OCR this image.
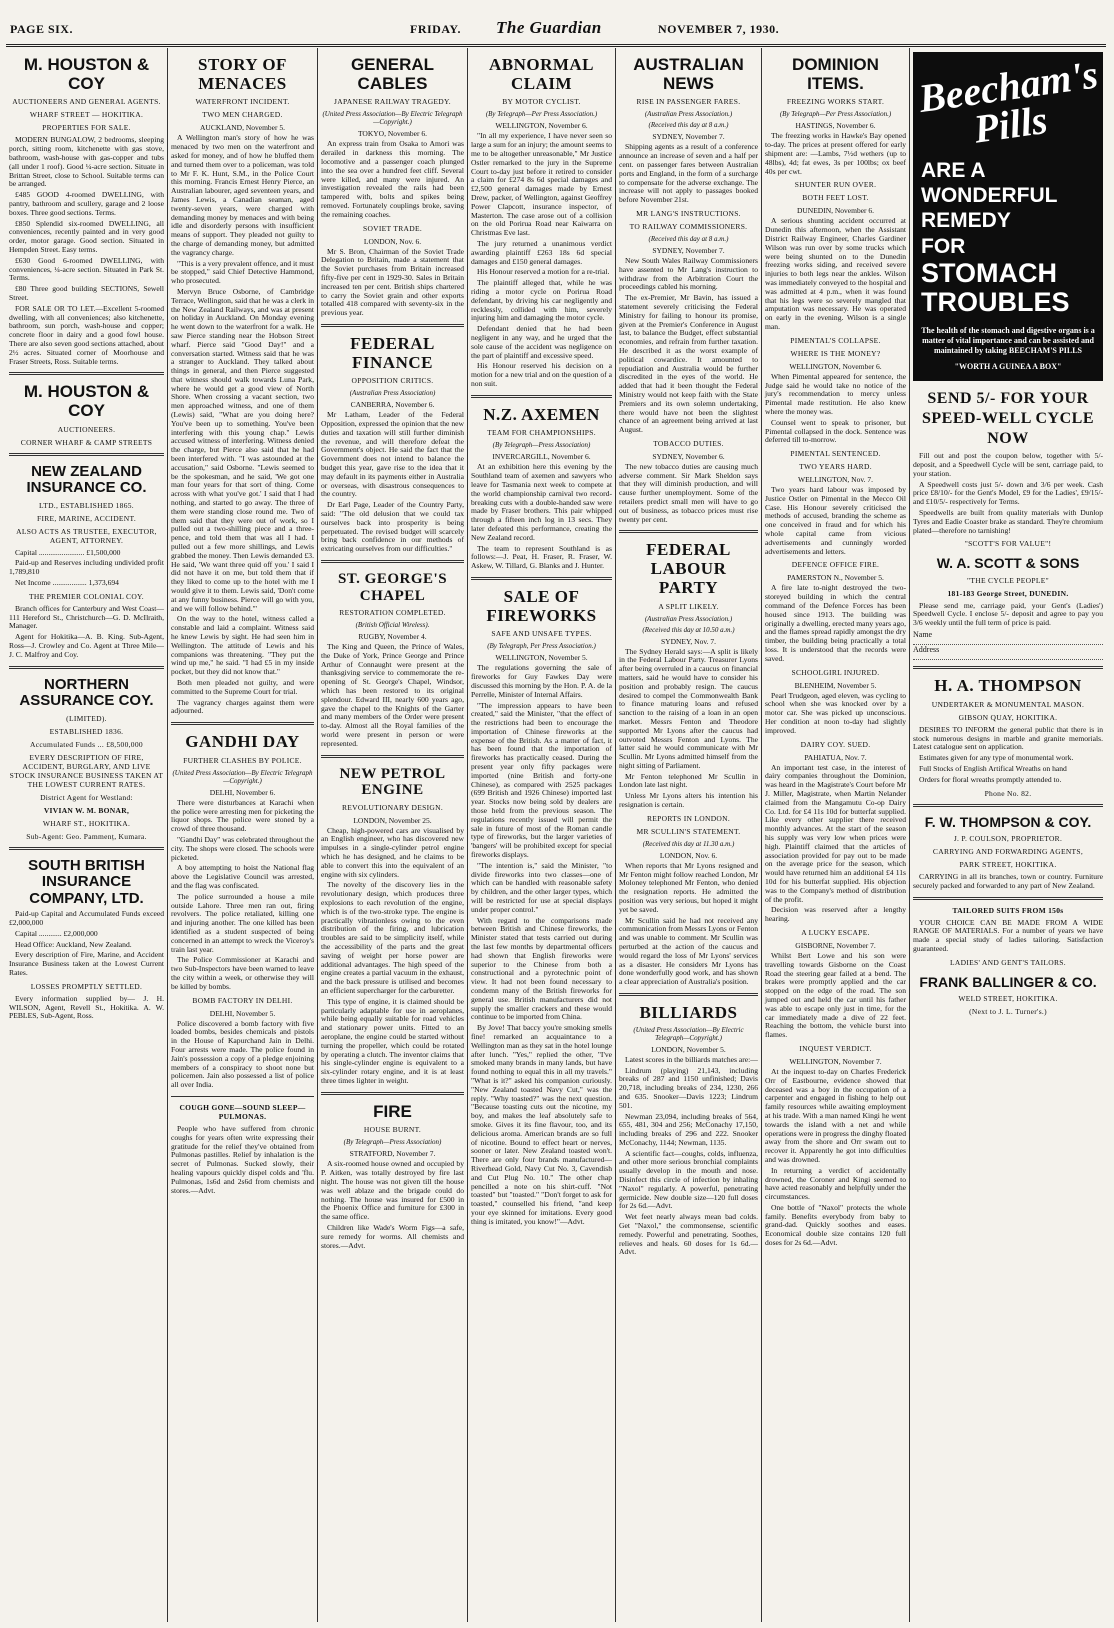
PAGE SIX.	FRIDAY. The Guardian	NOVEMBER 7, 1930.
M. HOUSTON & COY
AUCTIONEERS AND GENERAL AGENTS.
WHARF STREET — HOKITIKA.
PROPERTIES FOR SALE.

MODERN BUNGALOW, 2 bedrooms, sleeping porch, sitting room, kitchenette with gas stove, bathroom, wash-house with gas-copper and tubs (all under 1 roof). Good ¼-acre section. Situate in Brittan Street, close to School. Suitable terms can be arranged.

£485 GOOD 4-roomed DWELLING, with pantry, bathroom and scullery, garage and 2 loose boxes. Three good sections. Terms.

£850 Splendid six-roomed DWELLING, all conveniences, recently painted and in very good order, motor garage. Good section. Situated in Hempden Street. Easy terms.

£630 Good 6-roomed DWELLING, with conveniences, ¼-acre section. Situated in Park St. Terms.

£80 Three good building SECTIONS, Sewell Street.

FOR SALE OR TO LET.—Excellent 5-roomed dwelling, with all conveniences; also kitchenette, bathroom, sun porch, wash-house and copper; concrete floor in dairy and a good fowl house. There are also seven good sections attached, about 2½ acres. Situated corner of Moorhouse and Fraser Streets, Ross. Suitable terms.

M. HOUSTON & COY
AUCTIONEERS.
CORNER WHARF & CAMP STREETS
NEW ZEALAND INSURANCE CO.
LTD., ESTABLISHED 1865.
FIRE, MARINE, ACCIDENT.
ALSO ACTS AS TRUSTEE, EXECUTOR, AGENT, ATTORNEY.

Capital ........................ £1,500,000

Paid-up and Reserves including undivided profit 1,789,810

Net Income .................. 1,373,694

THE PREMIER COLONIAL COY.

Branch offices for Canterbury and West Coast—111 Hereford St., Christchurch—G. D. McIlraith, Manager.

Agent for Hokitika—A. B. King. Sub-Agent, Ross—J. Crowley and Co. Agent at Three Mile—J. C. Malfroy and Coy.

NORTHERN ASSURANCE COY.
(LIMITED).
ESTABLISHED 1836.
Accumulated Funds ... £8,500,000
EVERY DESCRIPTION OF FIRE, ACCIDENT, BURGLARY, AND LIVE STOCK INSURANCE BUSINESS TAKEN AT THE LOWEST CURRENT RATES.
District Agent for Westland:
VIVIAN W. M. BONAR,
WHARF ST., HOKITIKA.
Sub-Agent: Geo. Pammenț, Kumara.
SOUTH BRITISH INSURANCE COMPANY, LTD.

Paid-up Capital and Accumulated Funds exceed £2,000,000

Capital ............ £2,000,000

Head Office: Auckland, New Zealand.

Every description of Fire, Marine, and Accident Insurance Business taken at the Lowest Current Rates.

LOSSES PROMPTLY SETTLED.

Every information supplied by— J. H. WILSON, Agent, Revell St., Hokitika. A. W. PEBLES, Sub-Agent, Ross.

STORY OF MENACES
WATERFRONT INCIDENT.
TWO MEN CHARGED.
AUCKLAND, November 5.

A Wellington man's story of how he was menaced by two men on the waterfront and asked for money, and of how he bluffed them and turned them over to a policeman, was told to Mr F. K. Hunt, S.M., in the Police Court this morning. Francis Ernest Henry Pierce, an Australian labourer, aged seventeen years, and James Lewis, a Canadian seaman, aged twenty-seven years, were charged with demanding money by menaces and with being idle and disorderly persons with insufficient means of support. They pleaded not guilty to the charge of demanding money, but admitted the vagrancy charge.

"This is a very prevalent offence, and it must be stopped," said Chief Detective Hammond, who prosecuted.

Mervyn Bruce Osborne, of Cambridge Terrace, Wellington, said that he was a clerk in the New Zealand Railways, and was at present on holiday in Auckland. On Monday evening he went down to the waterfront for a walk. He saw Pierce standing near the Hobson Street wharf. Pierce said "Good Day!" and a conversation started. Witness said that he was a stranger to Auckland. They talked about things in general, and then Pierce suggested that witness should walk towards Luna Park, where he would get a good view of North Shore. When crossing a vacant section, two men approached witness, and one of them (Lewis) said, "What are you doing here? You've been up to something. You've been interfering with this young chap." Lewis accused witness of interfering. Witness denied the charge, but Pierce also said that he had been interfered with. "I was astounded at the accusation," said Osborne. "Lewis seemed to be the spokesman, and he said, 'We got one man four years for that sort of thing. Come across with what you've got.' I said that I had nothing, and started to go away. The three of them were standing close round me. Two of them said that they were out of work, so I pulled out a two-shilling piece and a three-pence, and told them that was all I had. I pulled out a few more shillings, and Lewis grabbed the money. Then Lewis demanded £3. He said, 'We want three quid off you.' I said I did not have it on me, but told them that if they liked to come up to the hotel with me I would give it to them. Lewis said, 'Don't come at any funny business. Pierce will go with you, and we will follow behind.'"

On the way to the hotel, witness called a constable and laid a complaint. Witness said he knew Lewis by sight. He had seen him in Wellington. The attitude of Lewis and his companions was threatening. "They put the wind up me," he said. "I had £5 in my inside pocket, but they did not know that."

Both men pleaded not guilty, and were committed to the Supreme Court for trial.

The vagrancy charges against them were adjourned.

GANDHI DAY
FURTHER CLASHES BY POLICE.
(United Press Association—By Electric Telegraph—Copyright.)
DELHI, November 6.

There were disturbances at Karachi when the police were arresting men for picketing the liquor shops. The police were stoned by a crowd of three thousand.

"Gandhi Day" was celebrated throughout the city. The shops were closed. The schools were picketed.

A boy attempting to hoist the National flag above the Legislative Council was arrested, and the flag was confiscated.

The police surrounded a house a mile outside Lahore. Three men ran out, firing revolvers. The police retaliated, killing one and injuring another. The one killed has been identified as a student suspected of being concerned in an attempt to wreck the Viceroy's train last year.

The Police Commissioner at Karachi and two Sub-Inspectors have been warned to leave the city within a week, or otherwise they will be killed by bombs.

BOMB FACTORY IN DELHI.
DELHI, November 5.

Police discovered a bomb factory with five loaded bombs, besides chemicals and pistols in the House of Kapurchand Jain in Delhi. Four arrests were made. The police found in Jain's possession a copy of a pledge enjoining members of a conspiracy to shoot none but policemen. Jain also possessed a list of police all over India.

COUGH GONE—SOUND SLEEP—PULMONAS.

People who have suffered from chronic coughs for years often write expressing their gratitude for the relief they've obtained from Pulmonas pastilles. Relief by inhalation is the secret of Pulmonas. Sucked slowly, their healing vapours quickly dispel colds and 'flu. Pulmonas, 1s6d and 2s6d from chemists and stores.—Advt.

GENERAL CABLES
JAPANESE RAILWAY TRAGEDY.
(United Press Association—By Electric Telegraph—Copyright.)
TOKYO, November 6.

An express train from Osaka to Amori was derailed in darkness this morning. The locomotive and a passenger coach plunged into the sea over a hundred feet cliff. Several were killed, and many were injured. An investigation revealed the rails had been tampered with, bolts and spikes being removed. Fortunately couplings broke, saving the remaining coaches.

SOVIET TRADE.
LONDON, Nov. 6.

Mr S. Bron, Chairman of the Soviet Trade Delegation to Britain, made a statement that the Soviet purchases from Britain increased fifty-five per cent in 1929-30. Sales in Britain increased ten per cent. British ships chartered to carry the Soviet grain and other exports totalled 418 compared with seventy-six in the previous year.

FEDERAL FINANCE
OPPOSITION CRITICS.
(Australian Press Association)
CANBERRA, November 6.

Mr Latham, Leader of the Federal Opposition, expressed the opinion that the new duties and taxation will still further diminish the revenue, and will therefore defeat the Government's object. He said the fact that the Government does not intend to balance the budget this year, gave rise to the idea that it may default in its payments either in Australia or overseas, with disastrous consequences to the country.

Dr Earl Page, Leader of the Country Party, said: "The old delusion that we could tax ourselves back into prosperity is being perpetuated. The revised budget will scarcely bring back confidence in our methods of extricating ourselves from our difficulties."

ST. GEORGE'S CHAPEL
RESTORATION COMPLETED.
(British Official Wireless).
RUGBY, November 4.

The King and Queen, the Prince of Wales, the Duke of York, Prince George and Prince Arthur of Connaught were present at the thanksgiving service to commemorate the re-opening of St. George's Chapel, Windsor, which has been restored to its original splendour. Edward III, nearly 600 years ago, gave the chapel to the Knights of the Garter and many members of the Order were present to-day. Almost all the Royal families of the world were present in person or were represented.

NEW PETROL ENGINE
REVOLUTIONARY DESIGN.
LONDON, November 25.

Cheap, high-powered cars are visualised by an English engineer, who has discovered new impulses in a single-cylinder petrol engine which he has designed, and he claims to be able to convert this into the equivalent of an engine with six cylinders.

The novelty of the discovery lies in the revolutionary design, which produces three explosions to each revolution of the engine, which is of the two-stroke type. The engine is practically vibrationless owing to the even distribution of the firing, and lubrication troubles are said to be simplicity itself, while the accessibility of the parts and the great saving of weight per horse power are additional advantages. The high speed of the engine creates a partial vacuum in the exhaust, and the back pressure is utilised and becomes an efficient supercharger for the carburetter.

This type of engine, it is claimed should be particularly adaptable for use in aeroplanes, while being equally suitable for road vehicles and stationary power units. Fitted to an aeroplane, the engine could be started without turning the propeller, which could be rotated by operating a clutch. The inventor claims that his single-cylinder engine is equivalent to a six-cylinder rotary engine, and it is at least three times lighter in weight.

FIRE
HOUSE BURNT.
(By Telegraph—Press Association)
STRATFORD, November 7.

A six-roomed house owned and occupied by P. Aitken, was totally destroyed by fire last night. The house was not given till the house was well ablaze and the brigade could do nothing. The house was insured for £500 in the Phoenix Office and furniture for £300 in the same office.

Children like Wade's Worm Figs—a safe, sure remedy for worms. All chemists and stores.—Advt.

ABNORMAL CLAIM
BY MOTOR CYCLIST.
(By Telegraph—Per Press Association.)
WELLINGTON, November 6.

"In all my experience, I have never seen so large a sum for an injury; the amount seems to me to be altogether unreasonable," Mr Justice Ostler remarked to the jury in the Supreme Court to-day just before it retired to consider a claim for £274 8s 6d special damages and £2,500 general damages made by Ernest Drew, packer, of Wellington, against Geoffrey Power Clapcott, insurance inspector, of Masterton. The case arose out of a collision on the old Porirua Road near Kaiwarra on Christmas Eve last.

The jury returned a unanimous verdict awarding plaintiff £263 18s 6d special damages and £150 general damages.

His Honour reserved a motion for a re-trial.

The plaintiff alleged that, while he was riding a motor cycle on Porirua Road defendant, by driving his car negligently and recklessly, collided with him, severely injuring him and damaging the motor cycle.

Defendant denied that he had been negligent in any way, and he urged that the sole cause of the accident was negligence on the part of plaintiff and excessive speed.

His Honour reserved his decision on a motion for a new trial and on the question of a non suit.

N.Z. AXEMEN
TEAM FOR CHAMPIONSHIPS.
(By Telegraph—Press Association)
INVERCARGILL, November 6.

At an exhibition here this evening by the Southland team of axemen and sawyers who leave for Tasmania next week to compete at the world championship carnival two record-breaking cuts with a double-handed saw were made by Fraser brothers. This pair whipped through a fifteen inch log in 13 secs. They later defeated this performance, creating the New Zealand record.

The team to represent Southland is as follows:—J. Peat, H. Fraser, R. Fraser, W. Askew, W. Tillard, G. Blanks and J. Hunter.

SALE OF FIREWORKS
SAFE AND UNSAFE TYPES.
(By Telegraph, Per Press Association.)
WELLINGTON, November 5.

The regulations governing the sale of fireworks for Guy Fawkes Day were discussed this morning by the Hon. P. A. de la Perrelle, Minister of Internal Affairs.

"The impression appears to have been created," said the Minister, "that the effect of the restrictions had been to encourage the importation of Chinese fireworks at the expense of the British. As a matter of fact, it has been found that the importation of fireworks has practically ceased. During the present year only fifty packages were imported (nine British and forty-one Chinese), as compared with 2525 packages (699 British and 1926 Chinese) imported last year. Stocks now being sold by dealers are those held from the previous season. The regulations recently issued will permit the sale in future of most of the Roman candle type of fireworks, but the larger varieties of 'bangers' will be prohibited except for special fireworks displays.

"The intention is," said the Minister, "to divide fireworks into two classes—one of which can be handled with reasonable safety by children, and the other larger types, which will be restricted for use at special displays under proper control."

With regard to the comparisons made between British and Chinese fireworks, the Minister stated that tests carried out during the last few months by departmental officers had shown that English fireworks were superior to the Chinese from both a constructional and a pyrotechnic point of view. It had not been found necessary to condemn many of the British fireworks for general use. British manufacturers did not supply the smaller crackers and these would continue to be imported from China.

By Jove! That baccy you're smoking smells fine! remarked an acquaintance to a Wellington man as they sat in the hotel lounge after lunch. "Yes," replied the other, "I've smoked many brands in many lands, but have found nothing to equal this in all my travels." "What is it?" asked his companion curiously. "New Zealand toasted Navy Cut," was the reply. "Why toasted?" was the next question. "Because toasting cuts out the nicotine, my boy, and makes the leaf absolutely safe to smoke. Gives it its fine flavour, too, and its delicious aroma. American brands are so full of nicotine. Bound to effect heart or nerves, sooner or later. New Zealand toasted won't. There are only four brands manufactured—Riverhead Gold, Navy Cut No. 3, Cavendish and Cut Plug No. 10." The other chap pencilled a note on his shirt-cuff. "Not toasted" but "toasted." "Don't forget to ask for toasted," counselled his friend, "and keep your eye skinned for imitations. Every good thing is imitated, you know!"—Advt.

AUSTRALIAN NEWS
RISE IN PASSENGER FARES.
(Australian Press Association.)
(Received this day at 8 a.m.)
SYDNEY, November 7.

Shipping agents as a result of a conference announce an increase of seven and a half per cent. on passenger fares between Australian ports and England, in the form of a surcharge to compensate for the adverse exchange. The increase will not apply to passages booked before November 21st.

MR LANG'S INSTRUCTIONS.
TO RAILWAY COMMISSIONERS.
(Received this day at 8 a.m.)
SYDNEY, November 7.

New South Wales Railway Commissioners have assented to Mr Lang's instruction to withdraw from the Arbitration Court the proceedings cabled his morning.

The ex-Premier, Mr Bavin, has issued a statement severely criticising the Federal Ministry for failing to honour its promise, given at the Premier's Conference in August last, to balance the Budget, effect substantial economies, and refrain from further taxation. He described it as the worst example of political cowardice. It amounted to repudiation and Australia would be further discredited in the eyes of the world. He added that had it been thought the Federal Ministry would not keep faith with the State Premiers and its own solemn undertaking, there would have not been the slightest chance of an agreement being arrived at last August.

TOBACCO DUTIES.
SYDNEY, November 6.

The new tobacco duties are causing much adverse comment. Sir Mark Sheldon says that they will diminish production, and will cause further unemployment. Some of the retailers predict small men will have to go out of business, as tobacco prices must rise twenty per cent.

FEDERAL LABOUR PARTY
A SPLIT LIKELY.
(Australian Press Association.)
(Received this day at 10.50 a.m.)
SYDNEY, Nov. 7.

The Sydney Herald says:—A split is likely in the Federal Labour Party. Treasurer Lyons after being overruled in a caucus on financial matters, said he would have to consider his position and probably resign. The caucus desired to compel the Commonwealth Bank to finance maturing loans and refused sanction to the raising of a loan in an open market. Messrs Fenton and Theodore supported Mr Lyons after the caucus had outvoted Messrs Fenton and Lyons. The latter said he would communicate with Mr Scullin. Mr Lyons admitted himself from the night sitting of Parliament.

Mr Fenton telephoned Mr Scullin in London late last night.

Unless Mr Lyons alters his intention his resignation is certain.

REPORTS IN LONDON.
MR SCULLIN'S STATEMENT.
(Received this day at 11.30 a.m.)
LONDON, Nov. 6.

When reports that Mr Lyons resigned and Mr Fenton might follow reached London, Mr Moloney telephoned Mr Fenton, who denied the resignation reports. He admitted the position was very serious, but hoped it might yet be saved.

Mr Scullin said he had not received any communication from Messrs Lyons or Fenton and was unable to comment. Mr Scullin was perturbed at the action of the caucus and would regard the loss of Mr Lyons' services as a disaster. He considers Mr Lyons has done wonderfully good work, and has shown a clear appreciation of Australia's position.

BILLIARDS
(United Press Association—By Electric Telegraph—Copyright.)
LONDON, November 5.

Latest scores in the billiards matches are:—

Lindrum (playing) 21,143, including breaks of 287 and 1150 unfinished; Davis 20,718, including breaks of 234, 1230, 266 and 635. Snooker—Davis 1223; Lindrum 501.

Newman 23,094, including breaks of 564, 655, 481, 304 and 256; McConachy 17,150, including breaks of 296 and 222. Snooker McConachy, 1144; Newman, 1135.

A scientific fact—coughs, colds, influenza, and other more serious bronchial complaints usually develop in the mouth and nose. Disinfect this circle of infection by inhaling "Naxol" regularly. A powerful, penetrating germicide. New double size—120 full doses for 2s 6d.—Advt.

Wet feet nearly always mean bad colds. Get "Naxol," the commonsense, scientific remedy. Powerful and penetrating. Soothes, relieves and heals. 60 doses for 1s 6d.—Advt.

DOMINION ITEMS.
FREEZING WORKS START.
(By Telegraph—Per Press Association.)
HASTINGS, November 6.

The freezing works in Hawke's Bay opened to-day. The prices at present offered for early shipment are: —Lambs, 7½d wethers (up to 48lbs), 4d; fat ewes, 3s per 100lbs; ox beef 40s per cwt.

SHUNTER RUN OVER.
BOTH FEET LOST.
DUNEDIN, November 6.

A serious shunting accident occurred at Dunedin this afternoon, when the Assistant District Railway Engineer, Charles Gardiner Wilson was run over by some trucks which were being shunted on to the Dunedin freezing works siding, and received severe injuries to both legs near the ankles. Wilson was immediately conveyed to the hospital and was admitted at 4 p.m., when it was found that his legs were so severely mangled that amputation was necessary. He was operated on early in the evening. Wilson is a single man.

PIMENTAL'S COLLAPSE.
WHERE IS THE MONEY?
WELLINGTON, November 6.

When Pimental appeared for sentence, the Judge said he would take no notice of the jury's recommendation to mercy unless Pimental made restitution. He also knew where the money was.

Counsel went to speak to prisoner, but Pimental collapsed in the dock. Sentence was deferred till to-morrow.

PIMENTAL SENTENCED.
TWO YEARS HARD.
WELLINGTON, Nov. 7.

Two years hard labour was imposed by Justice Ostler on Pimental in the Mecco Oil Case. His Honour severely criticised the methods of accused, branding the scheme as one conceived in fraud and for which his whole capital came from vicious advertisements and cunningly worded advertisements and letters.

DEFENCE OFFICE FIRE.
PAMERSTON N., November 5.

A fire late to-night destroyed the two-storeyed building in which the central command of the Defence Forces has been housed since 1913. The building was originally a dwelling, erected many years ago, and the flames spread rapidly amongst the dry timber, the building being practically a total loss. It is understood that the records were saved.

SCHOOLGIRL INJURED.
BLENHEIM, November 5.

Pearl Trudgeon, aged eleven, was cycling to school when she was knocked over by a motor car. She was picked up unconscious. Her condition at noon to-day had slightly improved.

DAIRY COY. SUED.
PAHIATUA, Nov. 7.

An important test case, in the interest of dairy companies throughout the Dominion, was heard in the Magistrate's Court before Mr J. Miller, Magistrate, when Martin Nelander claimed from the Mangamutu Co-op Dairy Co. Ltd. for £4 11s 10d for butterfat supplied. Like every other supplier there received monthly advances. At the start of the season his supply was very low when prices were high. Plaintiff claimed that the articles of association provided for pay out to be made on the average price for the season, which would have returned him an additional £4 11s 10d for his butterfat supplied. His objection was to the Company's method of distribution of the profit.

Decision was reserved after a lengthy hearing.

A LUCKY ESCAPE.
GISBORNE, November 7.

Whilst Bert Lowe and his son were travelling towards Gisborne on the Coast Road the steering gear failed at a bend. The brakes were promptly applied and the car stopped on the edge of the road. The son jumped out and held the car until his father was able to escape only just in time, for the car immediately made a dive of 22 feet. Reaching the bottom, the vehicle burst into flames.

INQUEST VERDICT.
WELLINGTON, November 7.

At the inquest to-day on Charles Frederick Orr of Eastbourne, evidence showed that deceased was a boy in the occupation of a carpenter and engaged in fishing to help out family resources while awaiting employment at his trade. With a man named Kingi he went towards the island with a net and while operations were in progress the dinghy floated away from the shore and Orr swam out to recover it. Apparently he got into difficulties and was drowned.

In returning a verdict of accidentally drowned, the Coroner and Kingi seemed to have acted reasonably and helpfully under the circumstances.

One bottle of "Naxol" protects the whole family. Benefits everybody from baby to grand-dad. Quickly soothes and eases. Economical double size contains 120 full doses for 2s 6d.—Advt.

Beecham's Pills
ARE A
WONDERFUL
REMEDY
FOR
STOMACH
TROUBLES
The health of the stomach and digestive organs is a matter of vital importance and can be assisted and maintained by taking BEECHAM'S PILLS
"WORTH A GUINEA A BOX"
SEND 5/- FOR YOUR SPEED-WELL CYCLE NOW

Fill out and post the coupon below, together with 5/- deposit, and a Speedwell Cycle will be sent, carriage paid, to your station.

A Speedwell costs just 5/- down and 3/6 per week. Cash price £8/10/- for the Gent's Model, £9 for the Ladies', £9/15/- and £10/5/- respectively for Terms.

Speedwells are built from quality materials with Dunlop Tyres and Eadie Coaster brake as standard. They're chromium plated—therefore no tarnishing!

"SCOTT'S FOR VALUE"!
W. A. SCOTT & SONS
"THE CYCLE PEOPLE"
181-183 George Street, DUNEDIN.

Please send me, carriage paid, your Gent's (Ladies') Speedwell Cycle. I enclose 5/- deposit and agree to pay you 3/6 weekly until the full term of price is paid.

Name
Address
H. A. THOMPSON
UNDERTAKER & MONUMENTAL MASON.
GIBSON QUAY, HOKITIKA.

DESIRES TO INFORM the general public that there is in stock numerous designs in marble and granite memorials. Latest catalogue sent on application.

Estimates given for any type of monumental work.

Full Stocks of English Artifical Wreaths on hand

Orders for floral wreaths promptly attended to.

Phone No. 82.
F. W. THOMPSON & COY.
J. P. COULSON, PROPRIETOR.
CARRYING AND FORWARDING AGENTS,
PARK STREET, HOKITIKA.

CARRYING in all its branches, town or country. Furniture securely packed and forwarded to any part of New Zealand.

TAILORED SUITS FROM 150s

YOUR CHOICE CAN BE MADE FROM A WIDE RANGE OF MATERIALS. For a number of years we have made a special study of ladies tailoring. Satisfaction guaranteed.

LADIES' AND GENT'S TAILORS.
FRANK BALLINGER & CO.
WELD STREET, HOKITIKA.
(Next to J. L. Turner's.)
